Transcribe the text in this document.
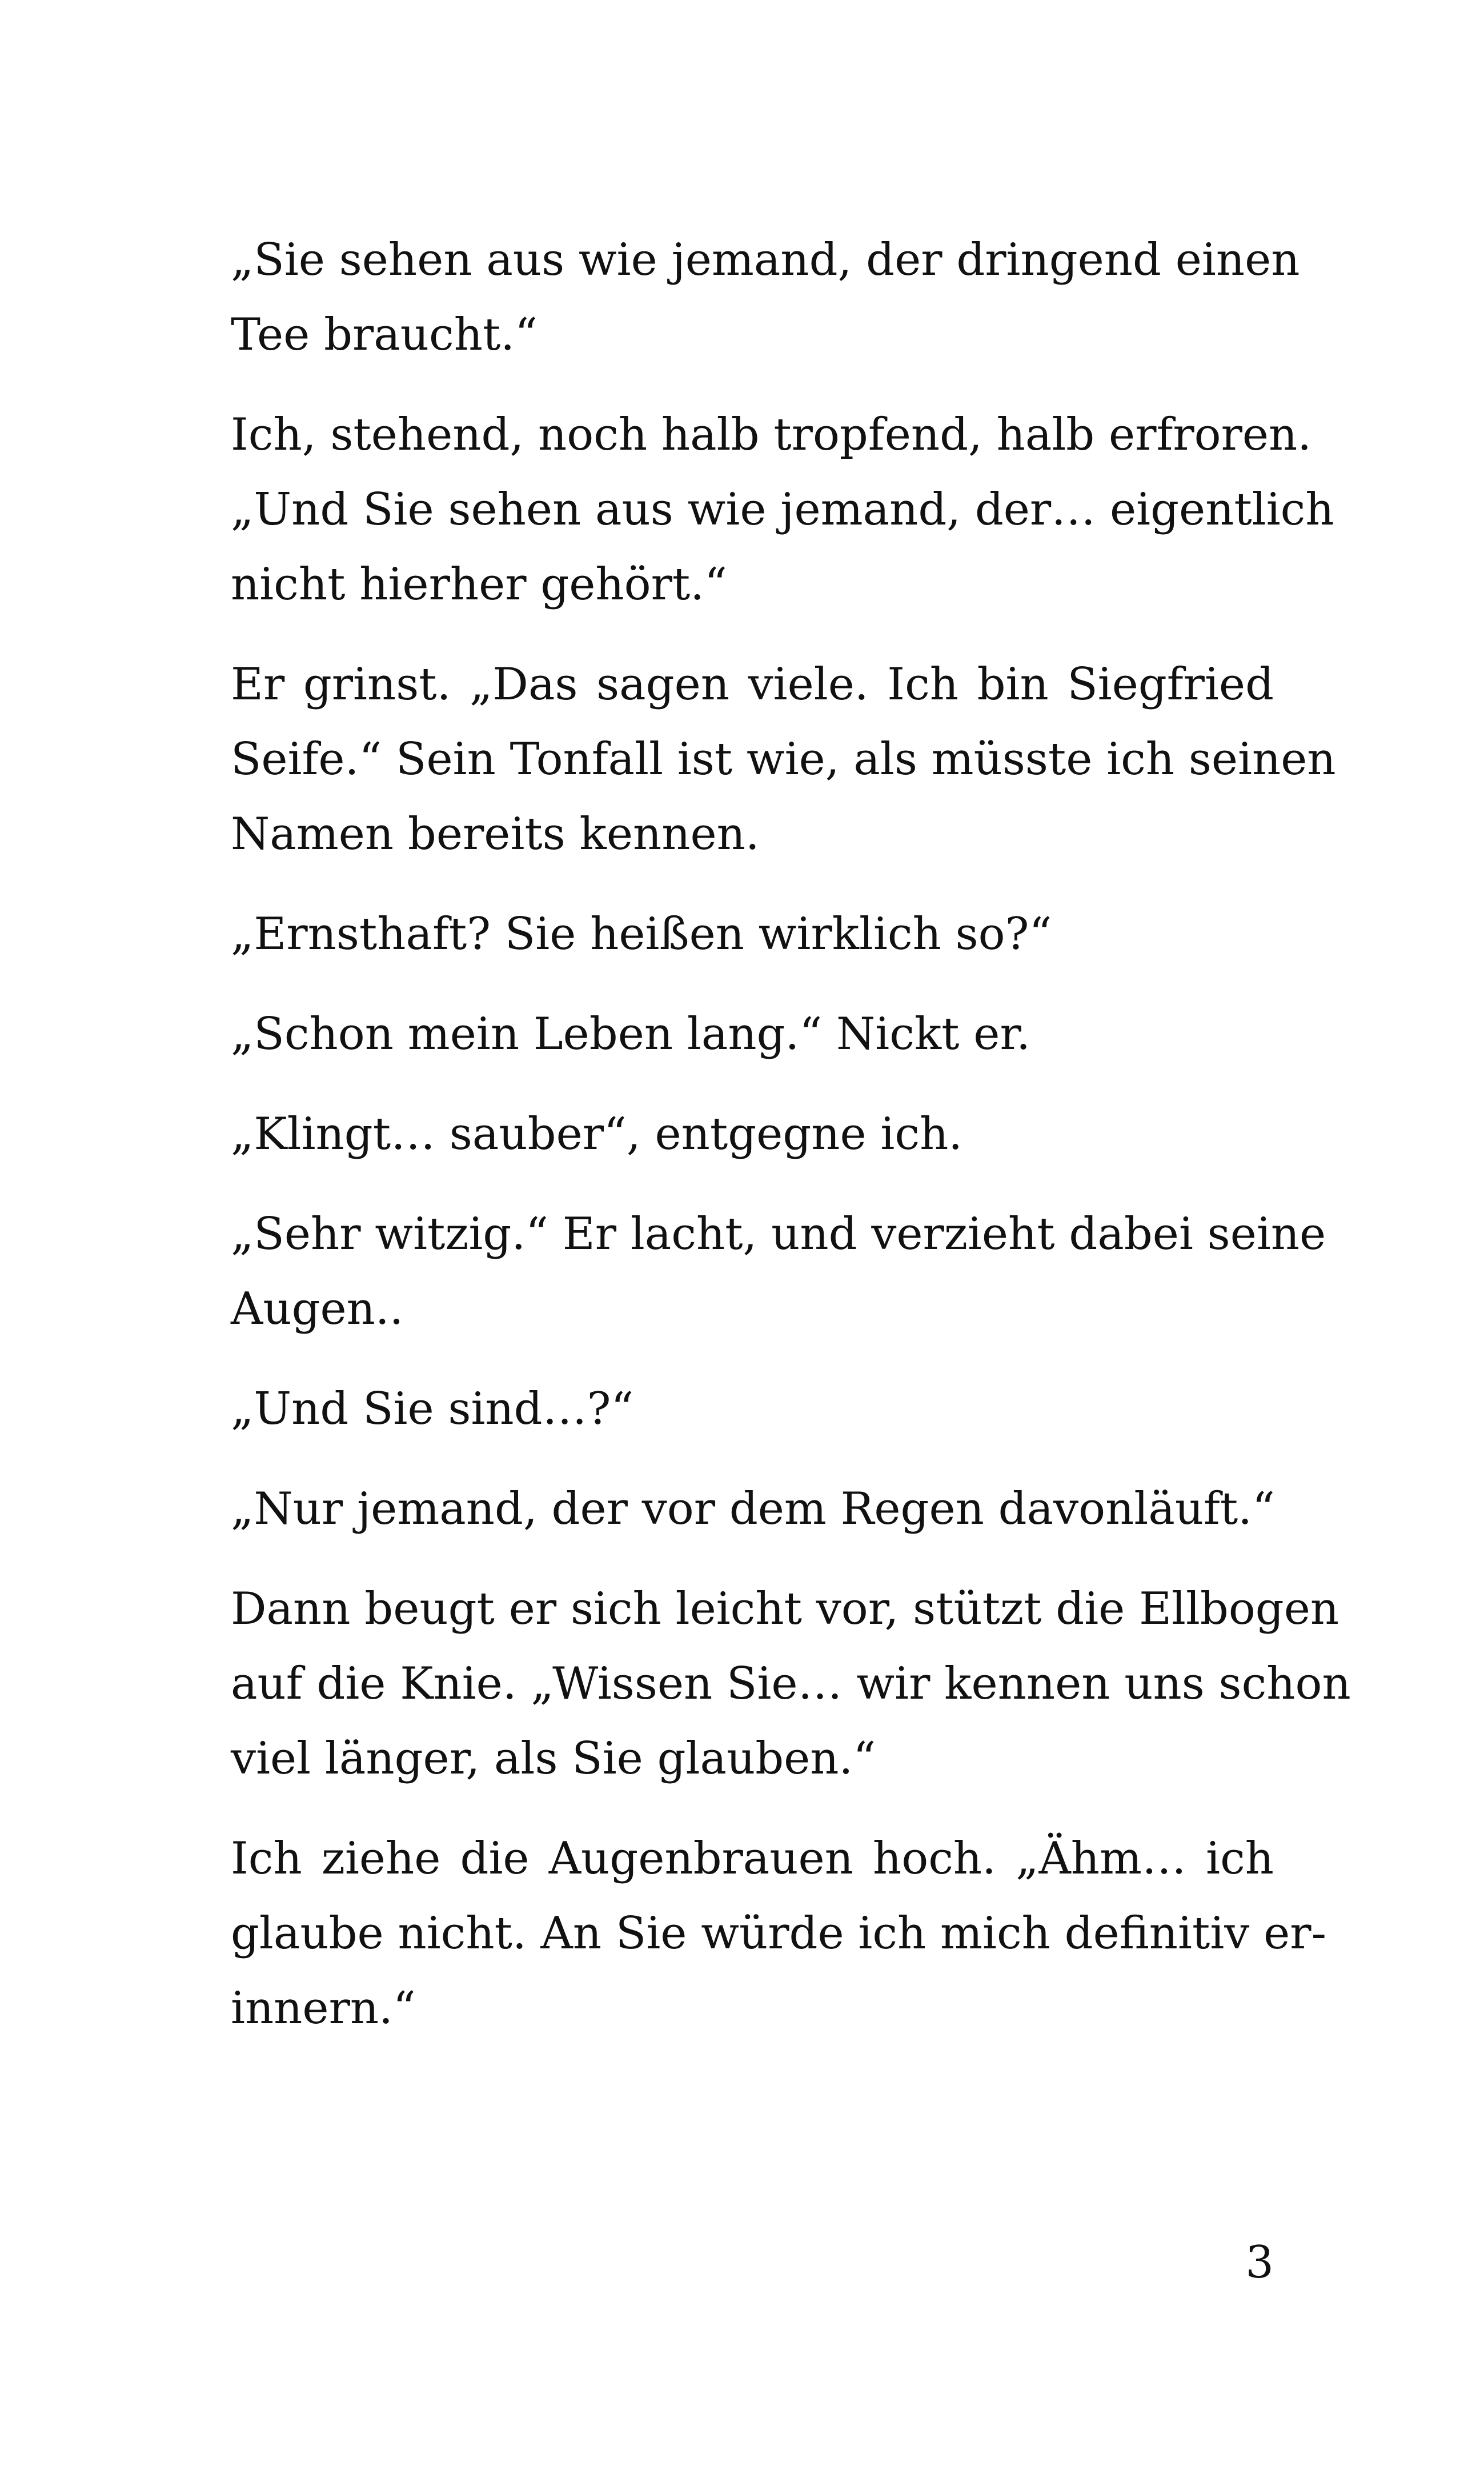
„Sie sehen aus wie jemand, der dringend einen
Tee braucht.“

Ich, stehend, noch halb tropfend, halb erfroren.
„Und Sie sehen aus wie jemand, der… eigentlich
nicht hierher gehört.“

Er grinst. „Das sagen viele. Ich bin Siegfried
Seife.“ Sein Tonfall ist wie, als müsste ich seinen
Namen bereits kennen.

„Ernsthaft? Sie heißen wirklich so?“

„Schon mein Leben lang.“ Nickt er.

„Klingt… sauber“, entgegne ich.

„Sehr witzig.“ Er lacht, und verzieht dabei seine
Augen..

„Und Sie sind…?“

„Nur jemand, der vor dem Regen davonläuft.“

Dann beugt er sich leicht vor, stützt die Ellbogen
auf die Knie. „Wissen Sie… wir kennen uns schon
viel länger, als Sie glauben.“

Ich ziehe die Augenbrauen hoch. „Ähm… ich
glaube nicht. An Sie würde ich mich definitiv er-
innern.“

3
